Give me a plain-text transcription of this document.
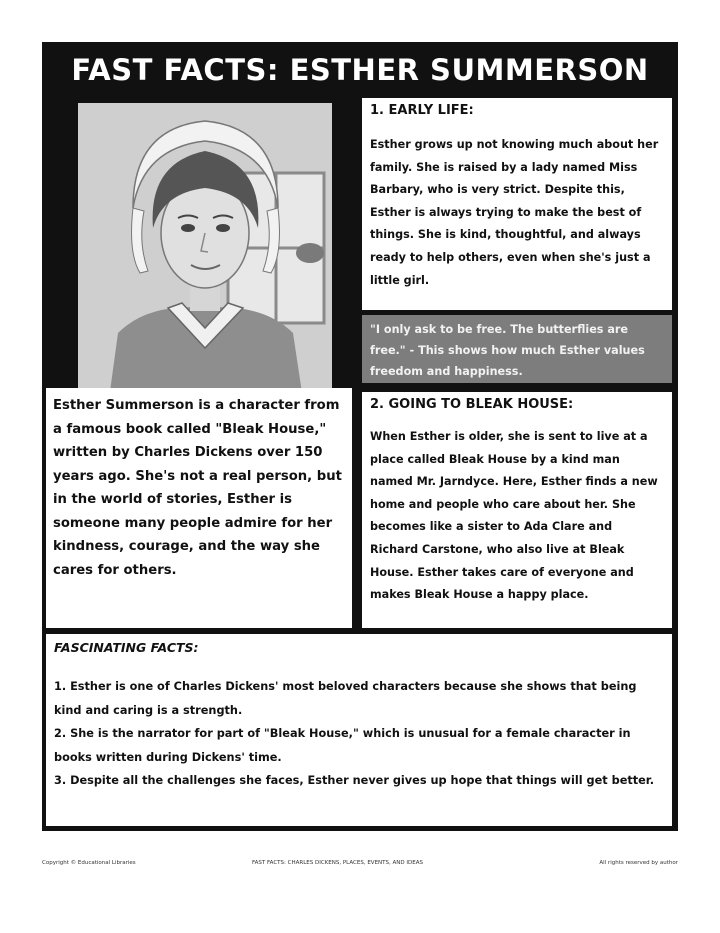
FAST FACTS: ESTHER SUMMERSON

Esther Summerson is a character from a famous book called "Bleak House," written by Charles Dickens over 150 years ago. She's not a real person, but in the world of stories, Esther is someone many people admire for her kindness, courage, and the way she cares for others.

1. EARLY LIFE:

Esther grows up not knowing much about her family. She is raised by a lady named Miss Barbary, who is very strict. Despite this, Esther is always trying to make the best of things. She is kind, thoughtful, and always ready to help others, even when she's just a little girl.

"I only ask to be free. The butterflies are free." - This shows how much Esther values freedom and happiness.

2. GOING TO BLEAK HOUSE:

When Esther is older, she is sent to live at a place called Bleak House by a kind man named Mr. Jarndyce. Here, Esther finds a new home and people who care about her. She becomes like a sister to Ada Clare and Richard Carstone, who also live at Bleak House. Esther takes care of everyone and makes Bleak House a happy place.

FASCINATING FACTS:

1. Esther is one of Charles Dickens' most beloved characters because she shows that being kind and caring is a strength.

2. She is the narrator for part of "Bleak House," which is unusual for a female character in books written during Dickens' time.

3. Despite all the challenges she faces, Esther never gives up hope that things will get better.

Copyright © Educational Libraries	FAST FACTS: CHARLES DICKENS, PLACES, EVENTS, AND IDEAS	All rights reserved by author
